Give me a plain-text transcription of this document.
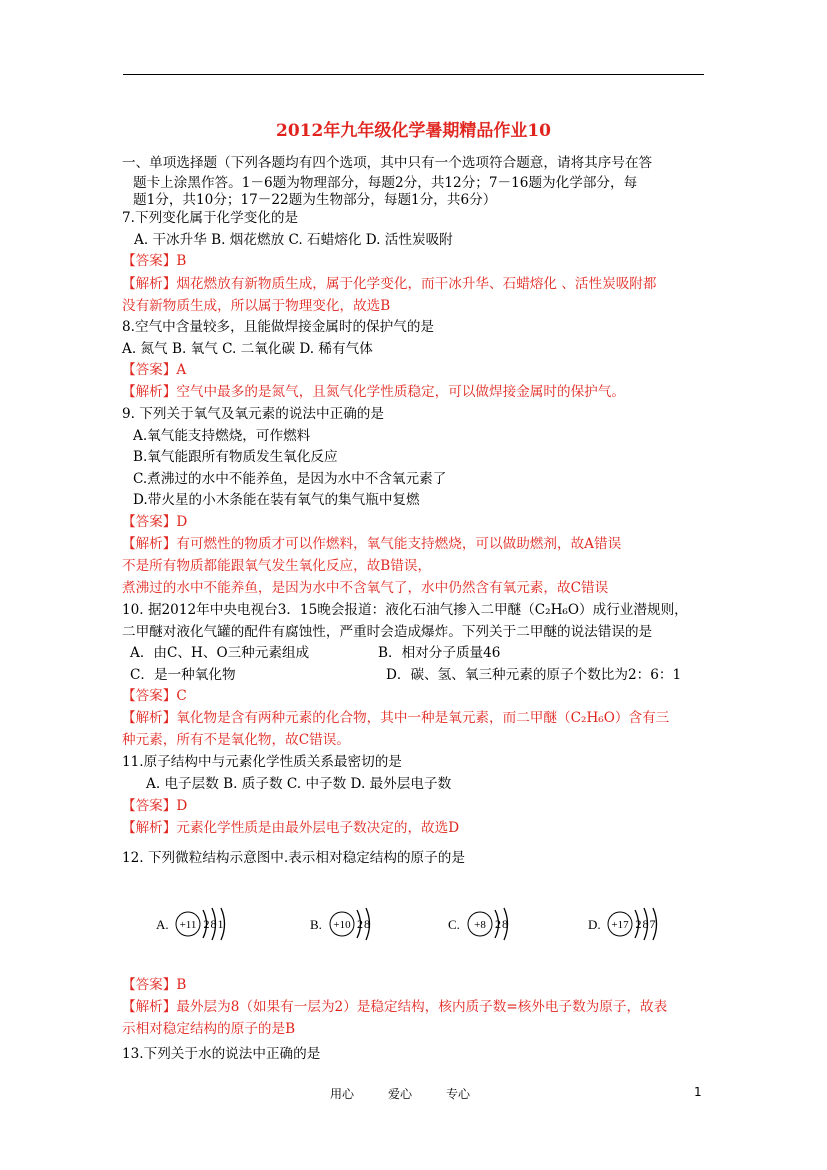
2012年九年级化学暑期精品作业10
一、单项选择题（下列各题均有四个选项，其中只有一个选项符合题意，请将其序号在答
题卡上涂黑作答。1－6题为物理部分，每题2分，共12分；7－16题为化学部分，每
题1分，共10分；17－22题为生物部分，每题1分，共6分）
7.下列变化属于化学变化的是
A. 干冰升华 B. 烟花燃放 C. 石蜡熔化 D. 活性炭吸附
【答案】B
【解析】烟花燃放有新物质生成，属于化学变化，而干冰升华、石蜡熔化 、活性炭吸附都
没有新物质生成，所以属于物理变化，故选B
8.空气中含量较多，且能做焊接金属时的保护气的是
A. 氮气 B. 氧气 C. 二氧化碳 D. 稀有气体
【答案】A
【解析】空气中最多的是氮气，且氮气化学性质稳定，可以做焊接金属时的保护气。
9. 下列关于氧气及氧元素的说法中正确的是
A.氧气能支持燃烧，可作燃料
B.氧气能跟所有物质发生氧化反应
C.煮沸过的水中不能养鱼，是因为水中不含氧元素了
D.带火星的小木条能在装有氧气的集气瓶中复燃
【答案】D
【解析】有可燃性的物质才可以作燃料，氧气能支持燃烧，可以做助燃剂，故A错误
不是所有物质都能跟氧气发生氧化反应，故B错误，
煮沸过的水中不能养鱼，是因为水中不含氧气了，水中仍然含有氧元素，故C错误
10. 据2012年中央电视台3．15晚会报道：液化石油气掺入二甲醚（C₂H₆O）成行业潜规则，
二甲醚对液化气罐的配件有腐蚀性，严重时会造成爆炸。下列关于二甲醚的说法错误的是
A．由C、H、O三种元素组成	B．相对分子质量46
C．是一种氧化物	D．碳、氢、氧三种元素的原子个数比为2：6：1
【答案】C
【解析】氧化物是含有两种元素的化合物，其中一种是氧元素，而二甲醚（C₂H₆O）含有三
种元素，所有不是氧化物，故C错误。
11.原子结构中与元素化学性质关系最密切的是
A. 电子层数 B. 质子数 C. 中子数 D. 最外层电子数
【答案】D
【解析】元素化学性质是由最外层电子数决定的，故选D
12. 下列微粒结构示意图中.表示相对稳定结构的原子的是
A. +11 281	B. +10 28	C. +8 28	D. +17 287
【答案】B
【解析】最外层为8（如果有一层为2）是稳定结构，核内质子数=核外电子数为原子，故表
示相对稳定结构的原子的是B
13.下列关于水的说法中正确的是
用心	爱心	专心	1
